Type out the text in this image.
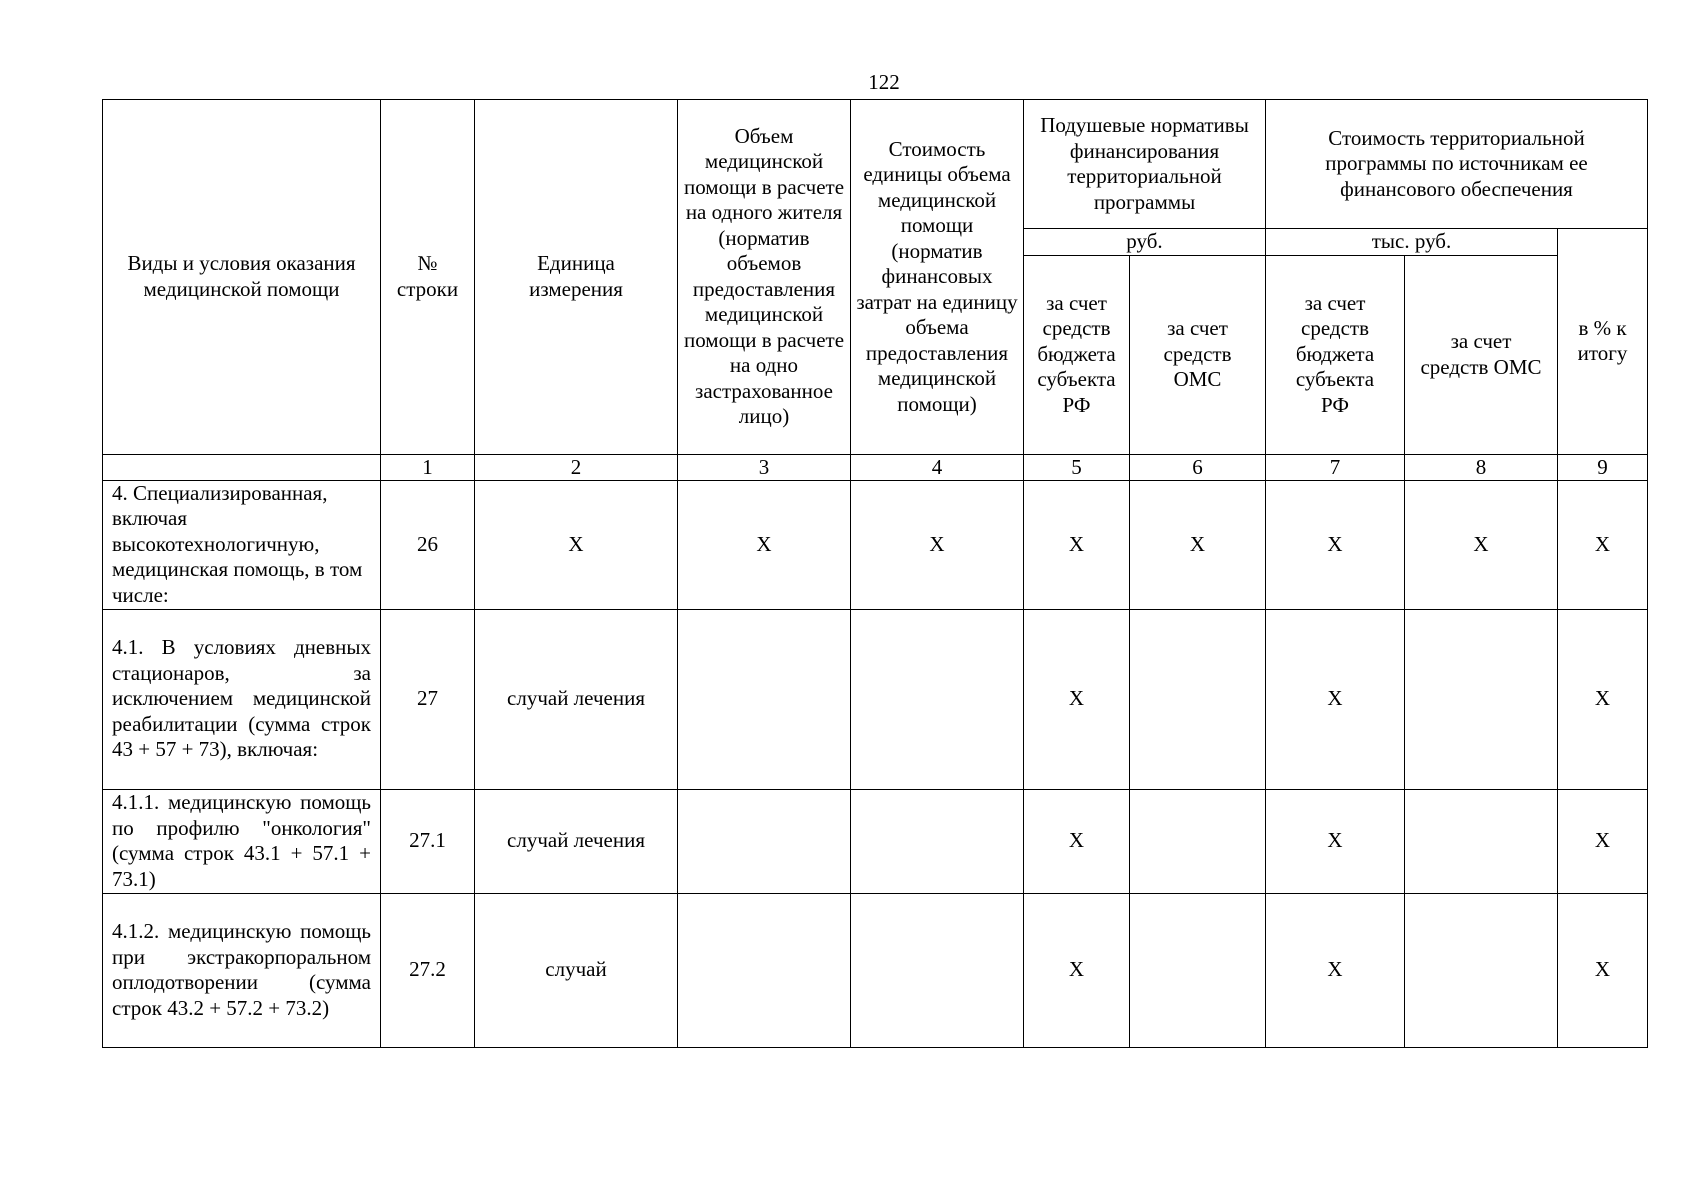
122
Виды и условия оказания медицинской помощи	№ строки	Единица измерения	Объем медицинской помощи в расчете на одного жителя (норматив объемов предоставления медицинской помощи в расчете на одно застрахованное лицо)	Стоимость единицы объема медицинской помощи (норматив финансовых затрат на единицу объема предоставления медицинской помощи)	Подушевые нормативы финансирования территориальной программы		Стоимость территориальной программы по источникам ее финансового обеспечения		
					руб.		тыс. руб.		в % к итогу
					за счет средств бюджета субъекта РФ	за счет средств ОМС	за счет средств бюджета субъекта РФ	за счет средств ОМС	
	1	2	3	4	5	6	7	8	9
4. Специализированная, включая высокотехнологичную, медицинская помощь, в том числе:	26	Х	Х	Х	Х	Х	Х	Х	Х
4.1. В условиях дневных стационаров, за исключением медицинской реабилитации (сумма строк 43 + 57 + 73), включая:	27	случай лечения			Х		Х		Х
4.1.1. медицинскую помощь по профилю "онкология" (сумма строк 43.1 + 57.1 + 73.1)	27.1	случай лечения			Х		Х		Х
4.1.2. медицинскую помощь при экстракорпоральном оплодотворении (сумма строк 43.2 + 57.2 + 73.2)	27.2	случай			Х		Х		Х
